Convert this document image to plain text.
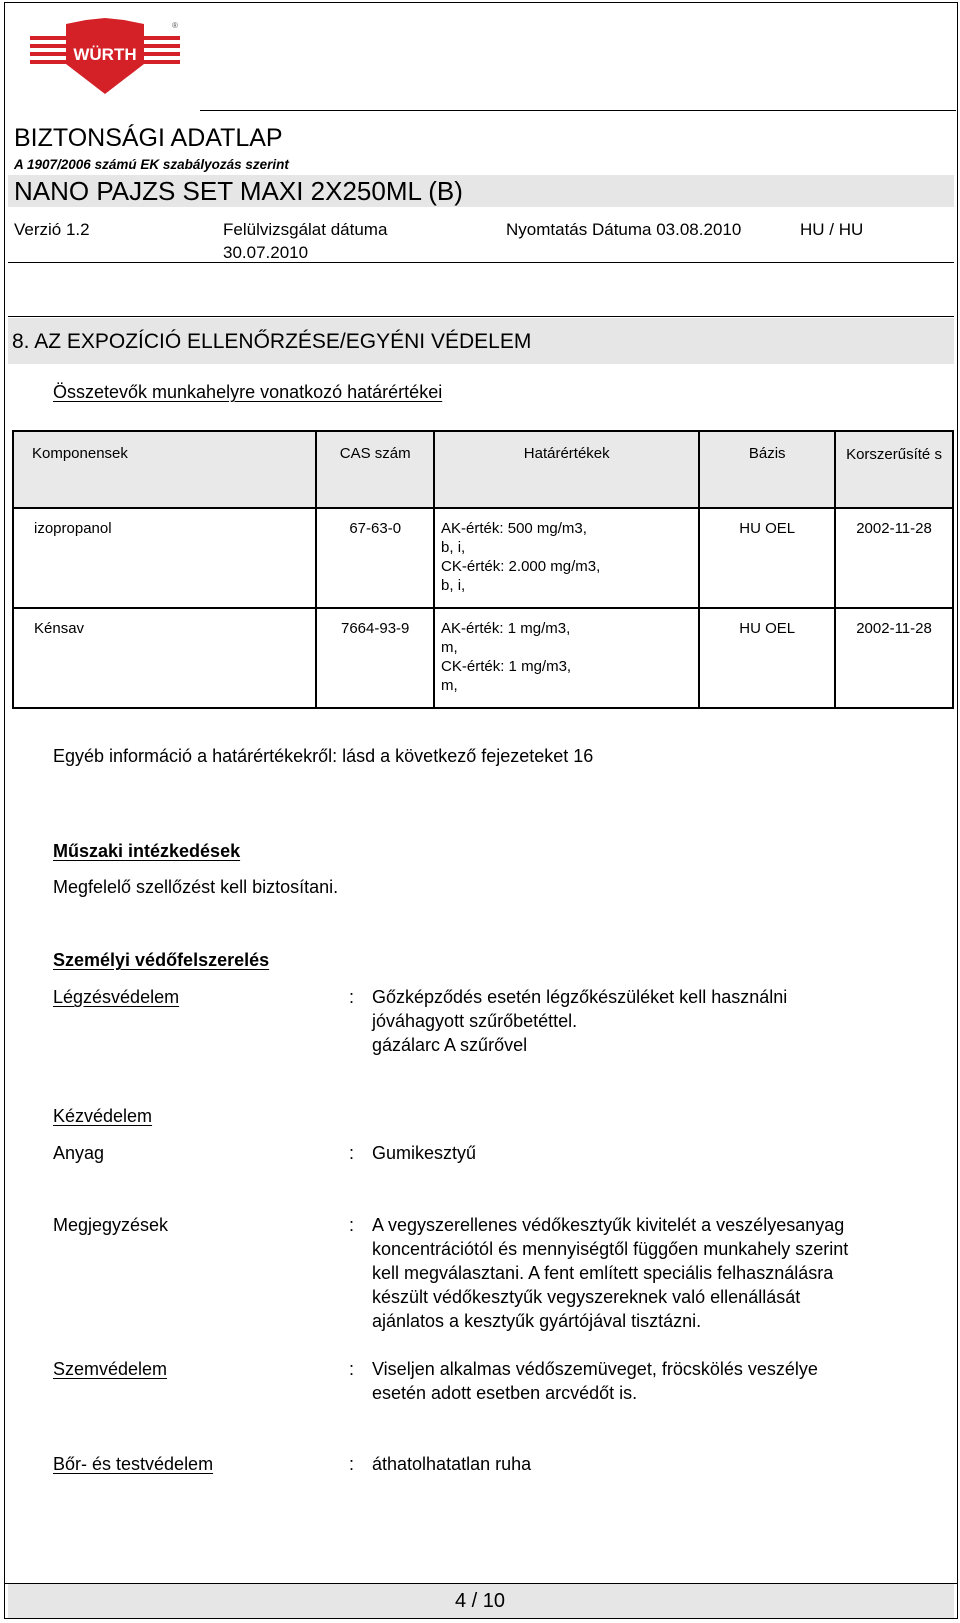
WÜRTH
®
BIZTONSÁGI ADATLAP
A 1907/2006 számú EK szabályozás szerint
NANO PAJZS SET MAXI 2X250ML (B)
Verzió 1.2	Felülvizsgálat dátuma
30.07.2010
Nyomtatás Dátuma 03.08.2010	HU / HU
8. AZ EXPOZÍCIÓ ELLENŐRZÉSE/EGYÉNI VÉDELEM
Összetevők munkahelyre vonatkozó határértékei
Komponensek	CAS szám	Határértékek	Bázis	Korszerűsíté s
izopropanol	67-63-0	AK-érték: 500 mg/m3,
b, i,
CK-érték: 2.000 mg/m3,
b, i,	HU OEL	2002-11-28
Kénsav	7664-93-9	AK-érték: 1 mg/m3,
m,
CK-érték: 1 mg/m3,
m,	HU OEL	2002-11-28
Egyéb információ a határértékekről: lásd a következő fejezeteket 16
Műszaki intézkedések
Megfelelő szellőzést kell biztosítani.
Személyi védőfelszerelés
Légzésvédelem	: Gőzképződés esetén légzőkészüléket kell használni
jóváhagyott szűrőbetéttel.
gázálarc A szűrővel
Kézvédelem
Anyag	: Gumikesztyű
Megjegyzések	: A vegyszerellenes védőkesztyűk kivitelét a veszélyesanyag
koncentrációtól és mennyiségtől függően munkahely szerint
kell megválasztani. A fent említett speciális felhasználásra
készült védőkesztyűk vegyszereknek való ellenállását
ajánlatos a kesztyűk gyártójával tisztázni.
Szemvédelem	: Viseljen alkalmas védőszemüveget, fröcskölés veszélye
esetén adott esetben arcvédőt is.
Bőr- és testvédelem	: áthatolhatatlan ruha
4 / 10
